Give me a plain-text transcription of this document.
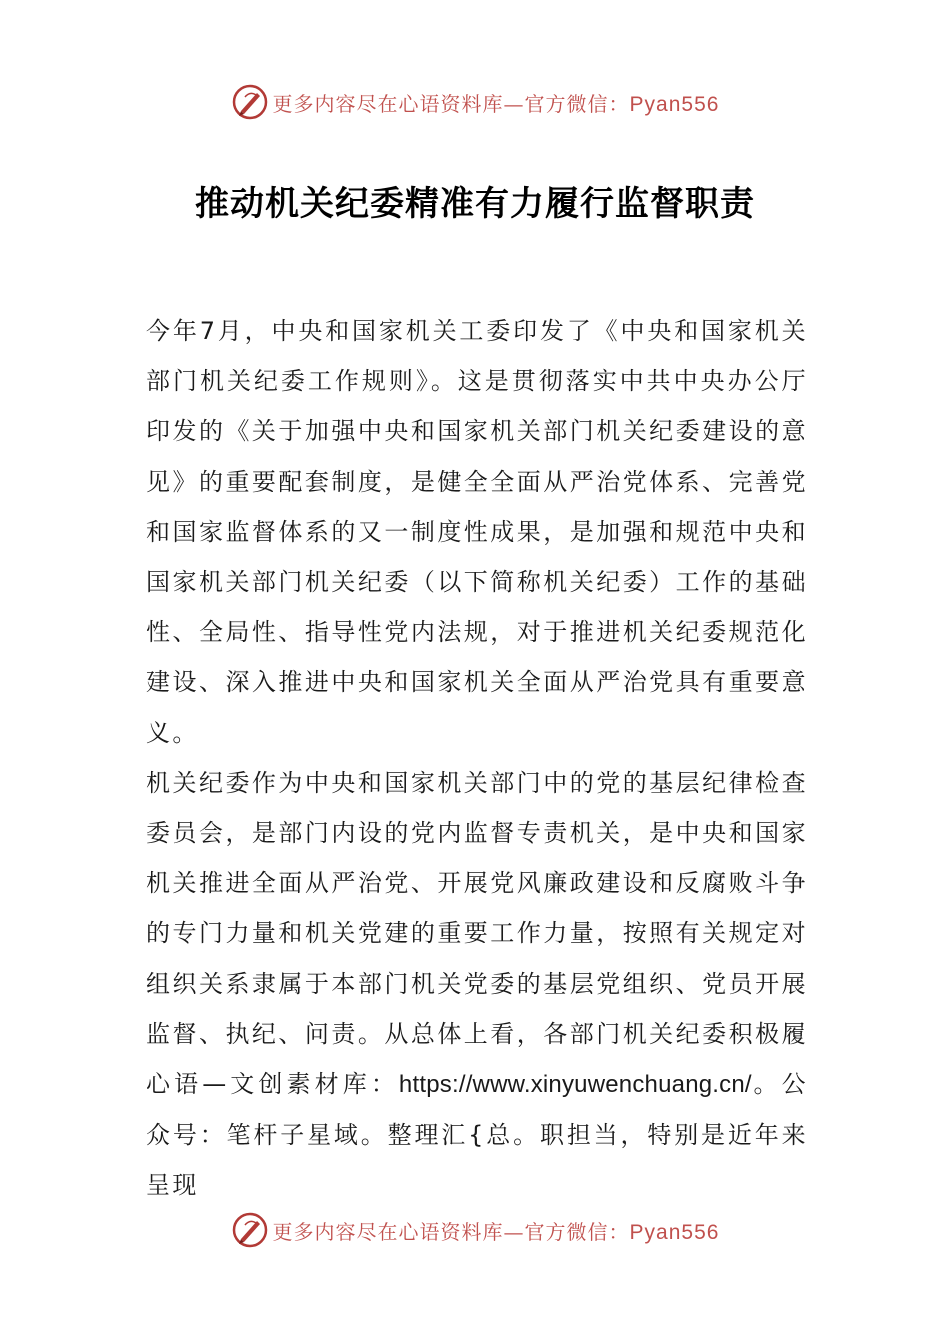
更多内容尽在心语资料库—官方微信：Pyan556
推动机关纪委精准有力履行监督职责

今年7月，中央和国家机关工委印发了《中央和国家机关部门机关纪委工作规则》。这是贯彻落实中共中央办公厅印发的《关于加强中央和国家机关部门机关纪委建设的意见》的重要配套制度，是健全全面从严治党体系、完善党和国家监督体系的又一制度性成果，是加强和规范中央和国家机关部门机关纪委（以下简称机关纪委）工作的基础性、全局性、指导性党内法规，对于推进机关纪委规范化建设、深入推进中央和国家机关全面从严治党具有重要意义。

机关纪委作为中央和国家机关部门中的党的基层纪律检查委员会，是部门内设的党内监督专责机关，是中央和国家机关推进全面从严治党、开展党风廉政建设和反腐败斗争的专门力量和机关党建的重要工作力量，按照有关规定对组织关系隶属于本部门机关党委的基层党组织、党员开展监督、执纪、问责。从总体上看，各部门机关纪委积极履心语—文创素材库：https://www.xinyuwenchuang.cn/。公众号：笔杆子星域。整理汇{总。职担当，特别是近年来呈现

更多内容尽在心语资料库—官方微信：Pyan556
